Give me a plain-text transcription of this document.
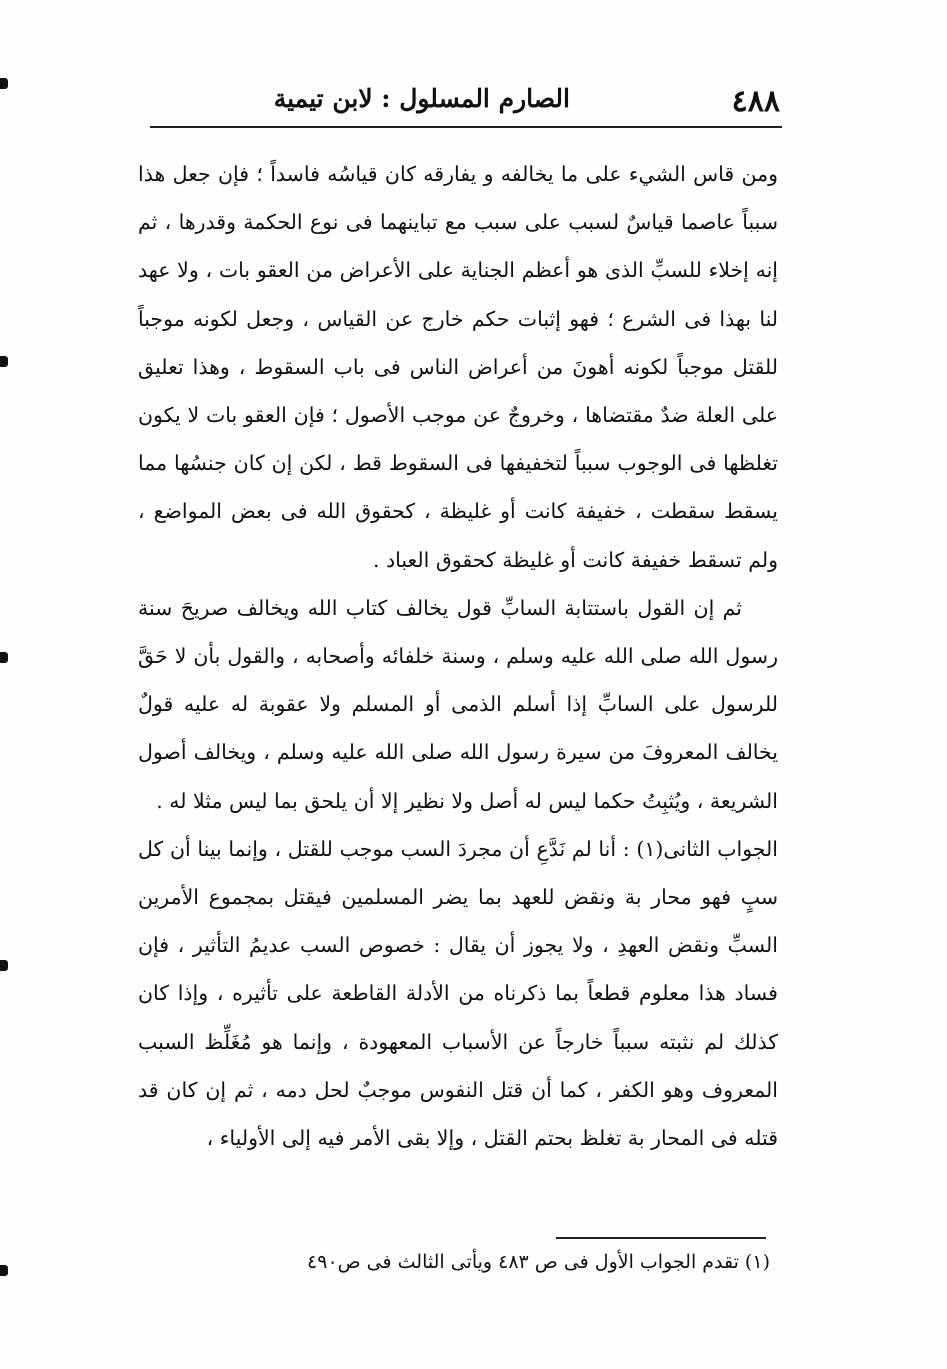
٤٨٨
الصارم المسلول : لابن تيمية

ومن قاس الشيء على ما يخالفه و يفارقه كان قياسُه فاسداً ؛ فإن جعل هذا سبباً عاصما قياسٌ لسبب على سبب مع تباينهما فى نوع الحكمة وقدرها ، ثم إنه إخلاء للسبِّ الذى هو أعظم الجناية على الأعراض من العقو بات ، ولا عهد لنا بهذا فى الشرع ؛ فهو إثبات حكم خارج عن القياس ، وجعل لكونه موجباً للقتل موجباً لكونه أهونَ من أعراض الناس فى باب السقوط ، وهذا تعليق على العلة ضدٌ مقتضاها ، وخروجٌ عن موجب الأصول ؛ فإن العقو بات لا يكون تغلظها فى الوجوب سبباً لتخفيفها فى السقوط قط ، لكن إن كان جنسُها مما يسقط سقطت ، خفيفة كانت أو غليظة ، كحقوق الله فى بعض المواضع ، ولم تسقط خفيفة كانت أو غليظة كحقوق العباد .

ثم إن القول باستتابة السابِّ قول يخالف كتاب الله ويخالف صريحَ سنة رسول الله صلى الله عليه وسلم ، وسنة خلفائه وأصحابه ، والقول بأن لا حَقَّ للرسول على السابِّ إذا أسلم الذمى أو المسلم ولا عقوبة له عليه قولٌ يخالف المعروفَ من سيرة رسول الله صلى الله عليه وسلم ، ويخالف أصول الشريعة ، ويُثبِتُ حكما ليس له أصل ولا نظير إلا أن يلحق بما ليس مثلا له .

الجواب الثانى(١) : أنا لم نَدَّعِ أن مجردَ السب موجب للقتل ، وإنما بينا أن كل سبٍ فهو محار بة ونقض للعهد بما يضر المسلمين فيقتل بمجموع الأمرين السبِّ ونقض العهدِ ، ولا يجوز أن يقال : خصوص السب عديمُ التأثير ، فإن فساد هذا معلوم قطعاً بما ذكرناه من الأدلة القاطعة على تأثيره ، وإذا كان كذلك لم نثبته سبباً خارجاً عن الأسباب المعهودة ، وإنما هو مُغَلِّظ السبب المعروف وهو الكفر ، كما أن قتل النفوس موجبٌ لحل دمه ، ثم إن كان قد قتله فى المحار بة تغلظ بحتم القتل ، وإلا بقى الأمر فيه إلى الأولياء ،

(١) تقدم الجواب الأول فى ص ٤٨٣ ويأتى الثالث فى ص٤٩٠
